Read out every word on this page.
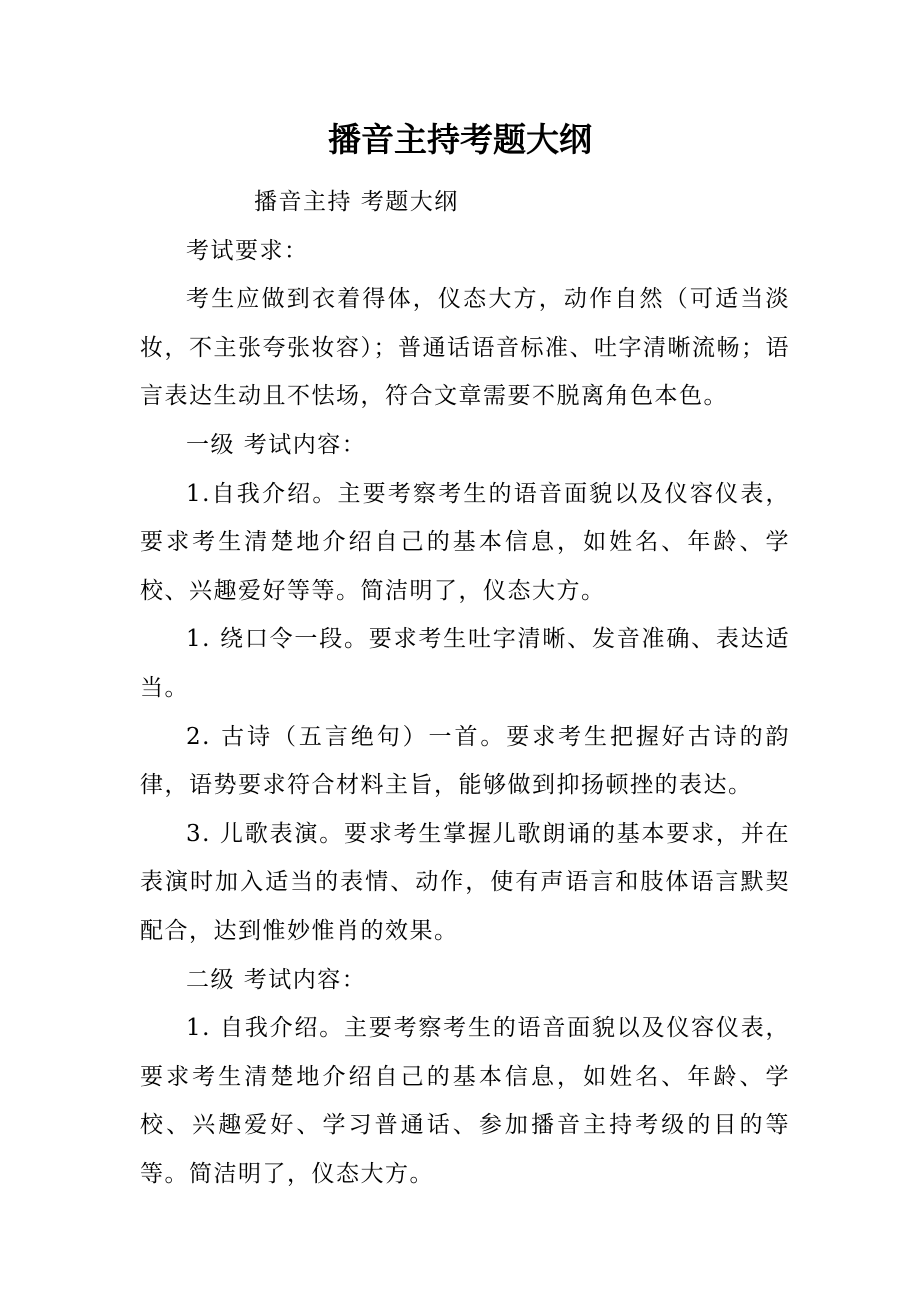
播音主持考题大纲

播音主持 考题大纲

考试要求：

考生应做到衣着得体，仪态大方，动作自然（可适当淡妆，不主张夸张妆容）；普通话语音标准、吐字清晰流畅；语言表达生动且不怯场，符合文章需要不脱离角色本色。

一级 考试内容：

1.自我介绍。主要考察考生的语音面貌以及仪容仪表，要求考生清楚地介绍自己的基本信息，如姓名、年龄、学校、兴趣爱好等等。简洁明了，仪态大方。

1. 绕口令一段。要求考生吐字清晰、发音准确、表达适当。

2. 古诗（五言绝句）一首。要求考生把握好古诗的韵律，语势要求符合材料主旨，能够做到抑扬顿挫的表达。

3. 儿歌表演。要求考生掌握儿歌朗诵的基本要求，并在表演时加入适当的表情、动作，使有声语言和肢体语言默契配合，达到惟妙惟肖的效果。

二级 考试内容：

1. 自我介绍。主要考察考生的语音面貌以及仪容仪表，要求考生清楚地介绍自己的基本信息，如姓名、年龄、学校、兴趣爱好、学习普通话、参加播音主持考级的目的等等。简洁明了，仪态大方。
